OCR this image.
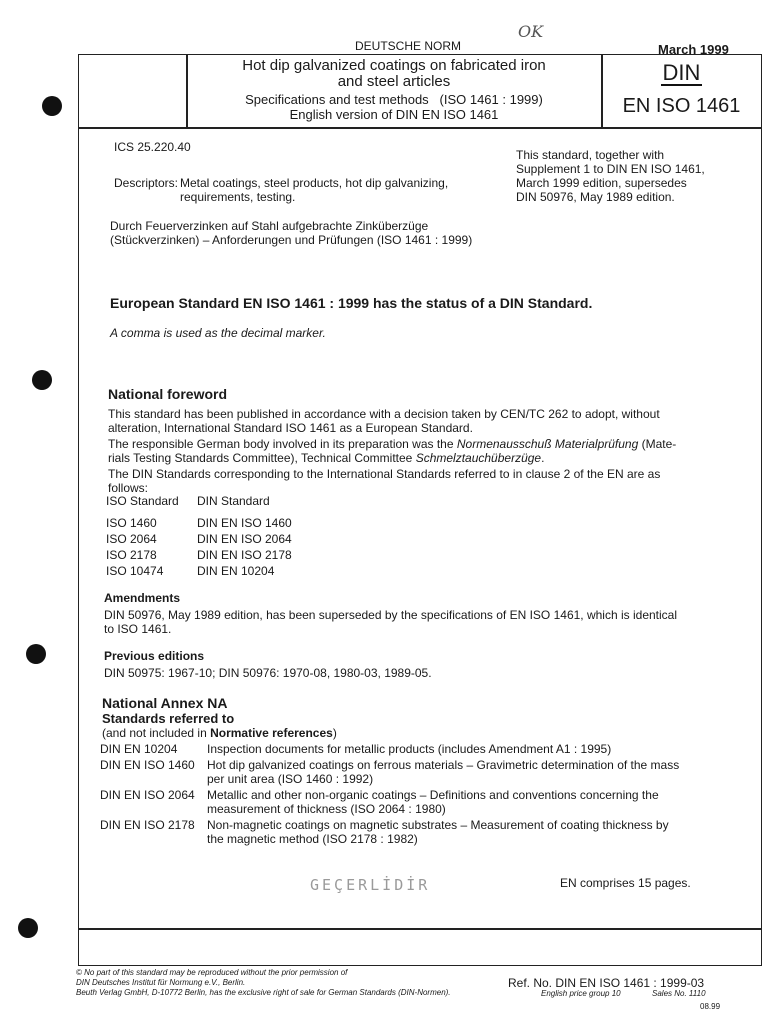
DEUTSCHE NORM	March 1999
OK
Hot dip galvanized coatings on fabricated iron
and steel articles
Specifications and test methods   (ISO 1461 : 1999)
English version of DIN EN ISO 1461
DIN
EN ISO 1461
ICS 25.220.40
Descriptors: Metal coatings, steel products, hot dip galvanizing,
requirements, testing.
This standard, together with
Supplement 1 to DIN EN ISO 1461,
March 1999 edition, supersedes
DIN 50976, May 1989 edition.
Durch Feuerverzinken auf Stahl aufgebrachte Zinküberzüge
(Stückverzinken) – Anforderungen und Prüfungen (ISO 1461 : 1999)
European Standard EN ISO 1461 : 1999 has the status of a DIN Standard.
A comma is used as the decimal marker.
National foreword
This standard has been published in accordance with a decision taken by CEN/TC 262 to adopt, without
alteration, International Standard ISO 1461 as a European Standard.
The responsible German body involved in its preparation was the Normenausschuß Materialprüfung (Mate-
rials Testing Standards Committee), Technical Committee Schmelztauchüberzüge.
The DIN Standards corresponding to the International Standards referred to in clause 2 of the EN are as
follows:
ISO Standard	DIN Standard
ISO 1460	DIN EN ISO 1460
ISO 2064	DIN EN ISO 2064
ISO 2178	DIN EN ISO 2178
ISO 10474	DIN EN 10204
Amendments
DIN 50976, May 1989 edition, has been superseded by the specifications of EN ISO 1461, which is identical
to ISO 1461.
Previous editions
DIN 50975: 1967-10; DIN 50976: 1970-08, 1980-03, 1989-05.
National Annex NA
Standards referred to
(and not included in Normative references)
DIN EN 10204	Inspection documents for metallic products (includes Amendment A1 : 1995)

DIN EN ISO 1460	Hot dip galvanized coatings on ferrous materials – Gravimetric determination of the mass
per unit area (ISO 1460 : 1992)

DIN EN ISO 2064	Metallic and other non-organic coatings – Definitions and conventions concerning the
measurement of thickness (ISO 2064 : 1980)

DIN EN ISO 2178	Non-magnetic coatings on magnetic substrates – Measurement of coating thickness by
the magnetic method (ISO 2178 : 1982)
GEÇERLİDİR	EN comprises 15 pages.
© No part of this standard may be reproduced without the prior permission of
DIN Deutsches Institut für Normung e.V., Berlin.
Beuth Verlag GmbH, D-10772 Berlin, has the exclusive right of sale for German Standards (DIN-Normen).
Ref. No. DIN EN ISO 1461 : 1999-03
English price group 10	Sales No. 1110
08.99
